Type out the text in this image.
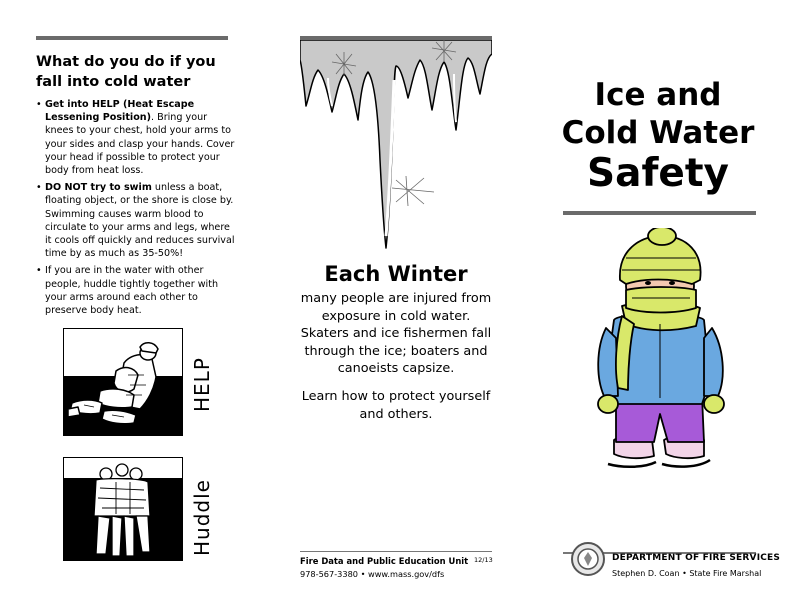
What do you do if you fall into cold water
• Get into HELP (Heat Escape Lessening Position). Bring your knees to your chest, hold your arms to your sides and clasp your hands. Cover your head if possible to protect your body from heat loss.
• DO NOT try to swim unless a boat, floating object, or the shore is close by. Swimming causes warm blood to circulate to your arms and legs, where it cools off quickly and reduces survival time by as much as 35-50%!
• If you are in the water with other people, huddle tightly together with your arms around each other to preserve body heat.
HELP
Huddle
Each Winter
many people are injured from exposure in cold water. Skaters and ice fishermen fall through the ice; boaters and canoeists capsize.
Learn how to protect yourself and others.
Fire Data and Public Education Unit 12/13
978-567-3380 • www.mass.gov/dfs
Ice and
Cold Water
Safety
DEPARTMENT OF FIRE SERVICES
Stephen D. Coan • State Fire Marshal
